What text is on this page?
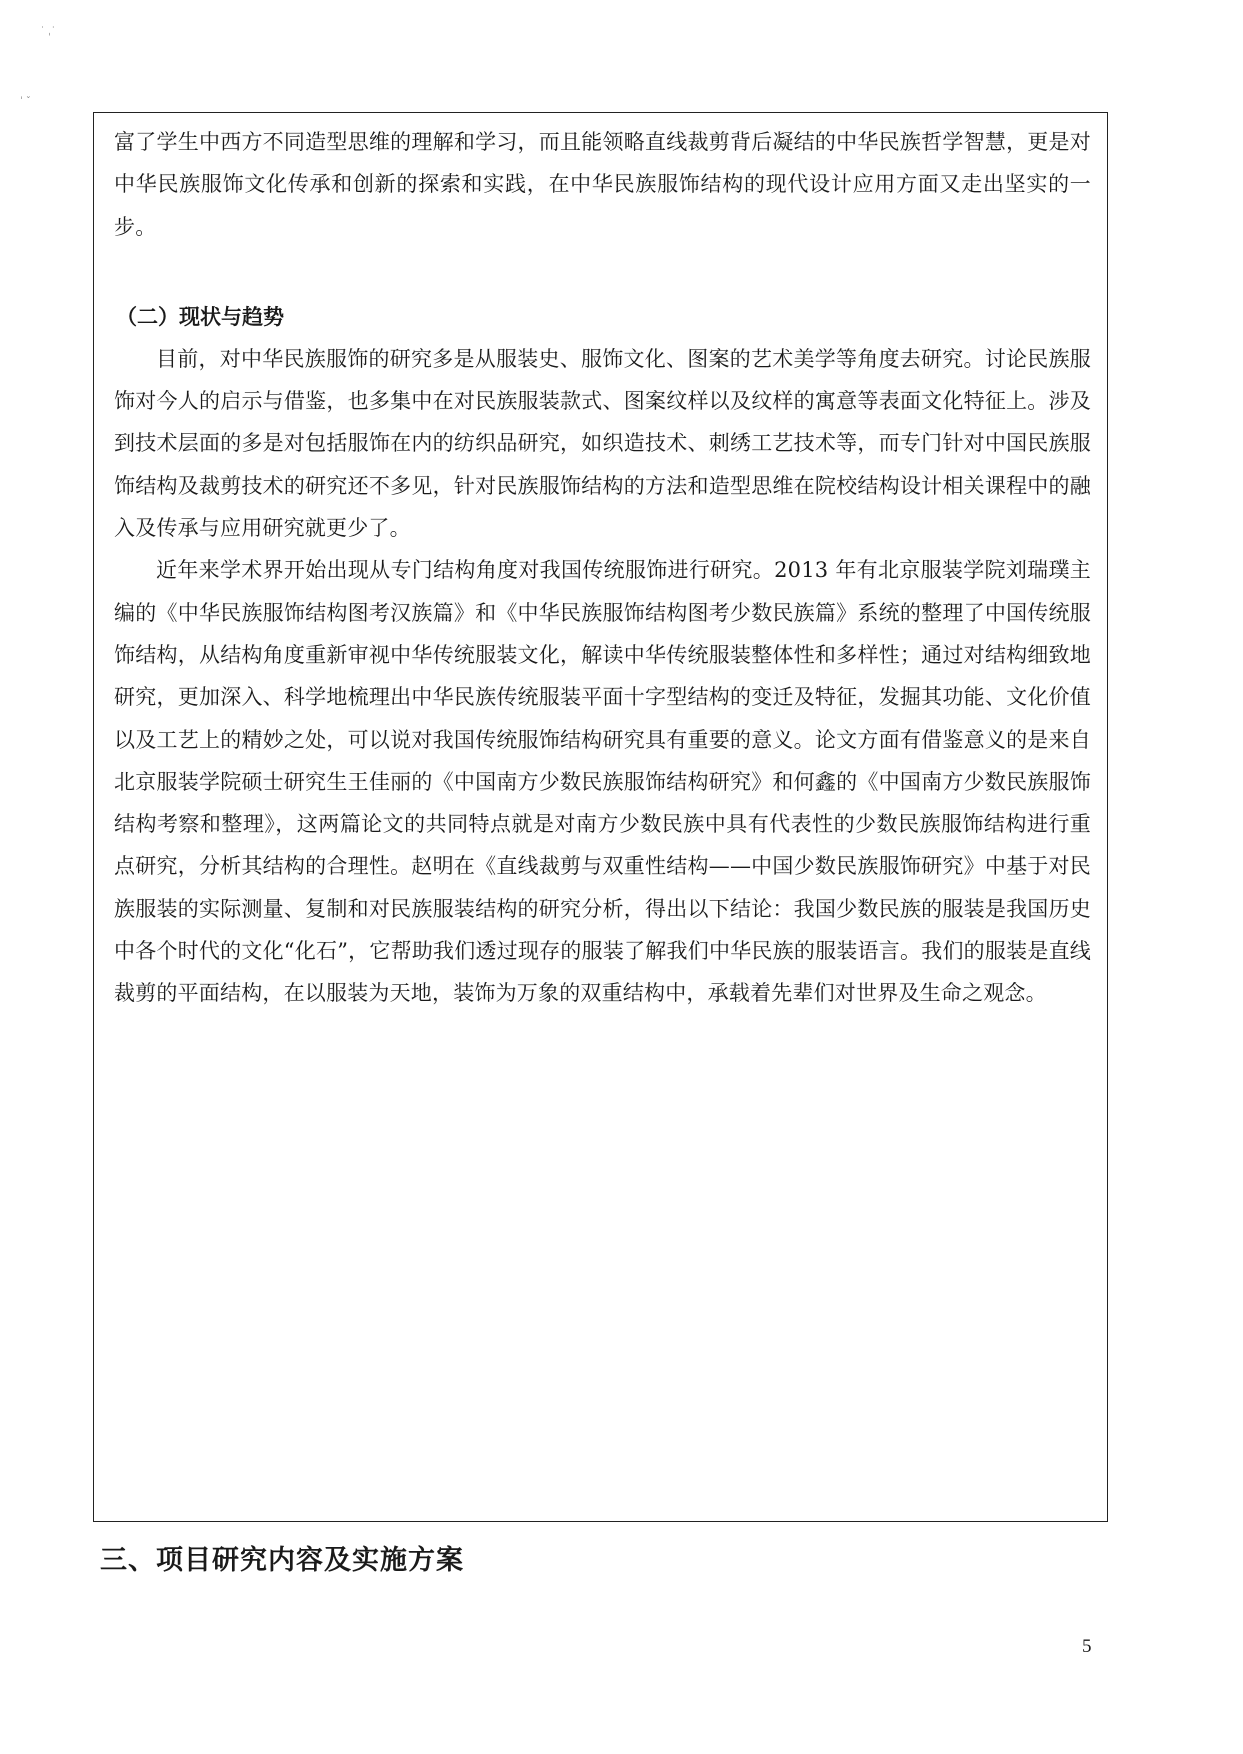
˙ ˌ˙
ˈ ˇ

富了学生中西方不同造型思维的理解和学习，而且能领略直线裁剪背后凝结的中华民族哲学智慧，更是对中华民族服饰文化传承和创新的探索和实践，在中华民族服饰结构的现代设计应用方面又走出坚实的一步。

（二）现状与趋势

目前，对中华民族服饰的研究多是从服装史、服饰文化、图案的艺术美学等角度去研究。讨论民族服饰对今人的启示与借鉴，也多集中在对民族服装款式、图案纹样以及纹样的寓意等表面文化特征上。涉及到技术层面的多是对包括服饰在内的纺织品研究，如织造技术、刺绣工艺技术等，而专门针对中国民族服饰结构及裁剪技术的研究还不多见，针对民族服饰结构的方法和造型思维在院校结构设计相关课程中的融入及传承与应用研究就更少了。

近年来学术界开始出现从专门结构角度对我国传统服饰进行研究。2013 年有北京服装学院刘瑞璞主编的《中华民族服饰结构图考汉族篇》和《中华民族服饰结构图考少数民族篇》系统的整理了中国传统服饰结构，从结构角度重新审视中华传统服装文化，解读中华传统服装整体性和多样性；通过对结构细致地研究，更加深入、科学地梳理出中华民族传统服装平面十字型结构的变迁及特征，发掘其功能、文化价值以及工艺上的精妙之处，可以说对我国传统服饰结构研究具有重要的意义。论文方面有借鉴意义的是来自北京服装学院硕士研究生王佳丽的《中国南方少数民族服饰结构研究》和何鑫的《中国南方少数民族服饰结构考察和整理》，这两篇论文的共同特点就是对南方少数民族中具有代表性的少数民族服饰结构进行重点研究，分析其结构的合理性。赵明在《直线裁剪与双重性结构——中国少数民族服饰研究》中基于对民族服装的实际测量、复制和对民族服装结构的研究分析，得出以下结论：我国少数民族的服装是我国历史中各个时代的文化“化石”，它帮助我们透过现存的服装了解我们中华民族的服装语言。我们的服装是直线裁剪的平面结构，在以服装为天地，装饰为万象的双重结构中，承载着先辈们对世界及生命之观念。

三、项目研究内容及实施方案
5
